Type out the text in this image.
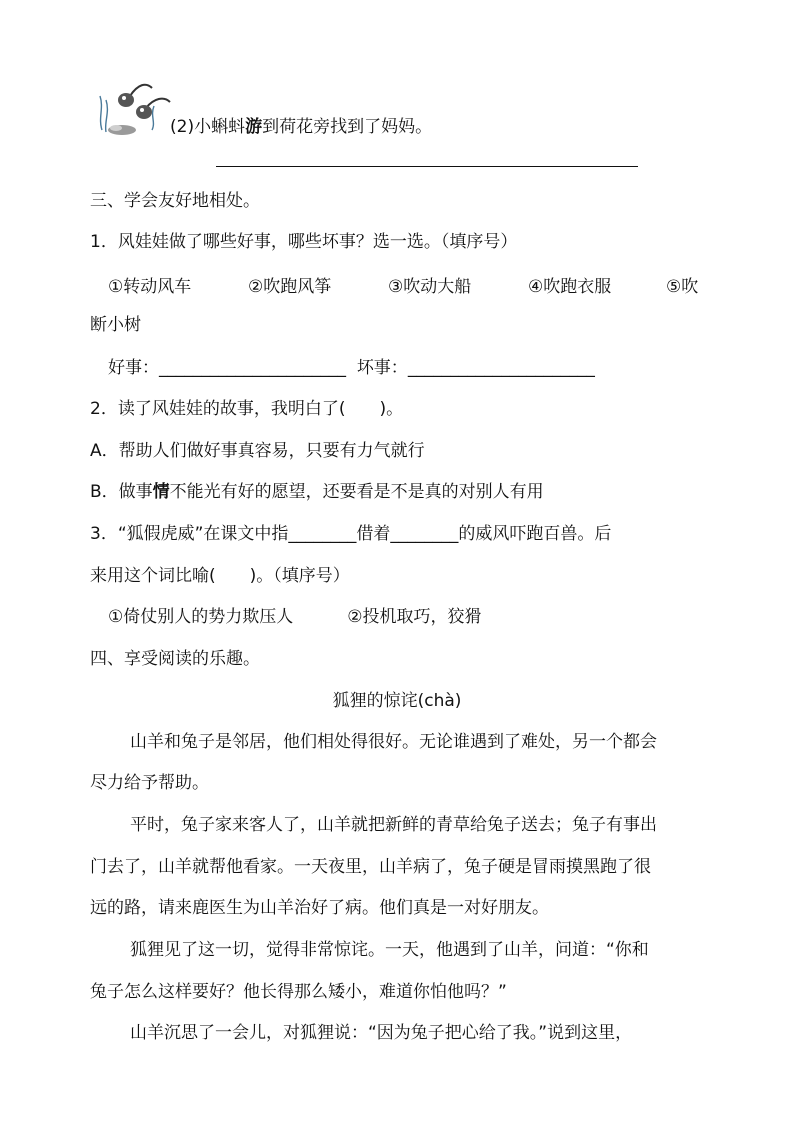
(2)小蝌蚪游到荷花旁找到了妈妈。
三、学会友好地相处。
1．风娃娃做了哪些好事，哪些坏事？选一选。（填序号）
①转动风车	②吹跑风筝	③吹动大船	④吹跑衣服	⑤吹
断小树
好事：______________________ 坏事：______________________
2．读了风娃娃的故事，我明白了(　　)。
A．帮助人们做好事真容易，只要有力气就行
B．做事情不能光有好的愿望，还要看是不是真的对别人有用
3．“狐假虎威”在课文中指________借着________的威风吓跑百兽。后
来用这个词比喻(　　)。（填序号）
①倚仗别人的势力欺压人	②投机取巧，狡猾
四、享受阅读的乐趣。
狐狸的惊诧(chà)
山羊和兔子是邻居，他们相处得很好。无论谁遇到了难处，另一个都会
尽力给予帮助。
平时，兔子家来客人了，山羊就把新鲜的青草给兔子送去；兔子有事出
门去了，山羊就帮他看家。一天夜里，山羊病了，兔子硬是冒雨摸黑跑了很
远的路，请来鹿医生为山羊治好了病。他们真是一对好朋友。
狐狸见了这一切，觉得非常惊诧。一天，他遇到了山羊，问道：“你和
兔子怎么这样要好？他长得那么矮小，难道你怕他吗？”
山羊沉思了一会儿，对狐狸说：“因为兔子把心给了我。”说到这里，
